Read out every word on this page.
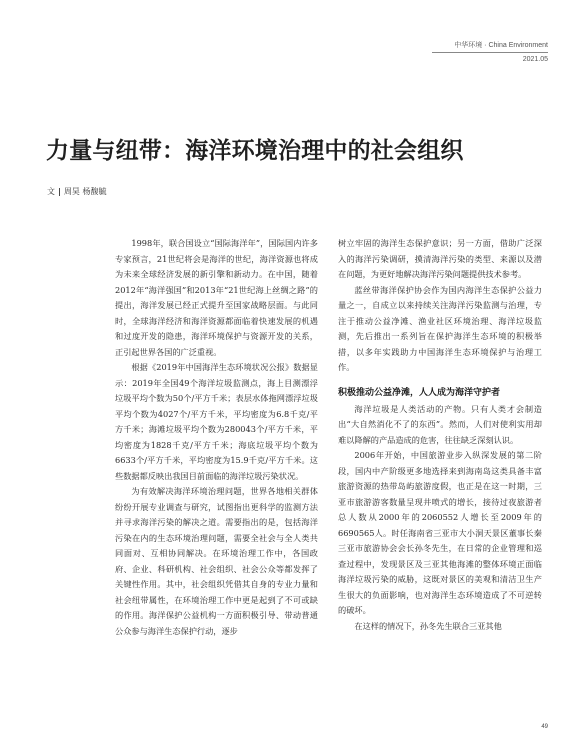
中华环境 · China Environment
2021.05
力量与纽带：海洋环境治理中的社会组织
文 | 周昊 杨馥毓

1998年，联合国设立“国际海洋年”，国际国内许多专家预言，21世纪将会是海洋的世纪，海洋资源也将成为未来全球经济发展的新引擎和新动力。在中国，随着2012年“海洋强国”和2013年“21世纪海上丝绸之路”的提出，海洋发展已经正式提升至国家战略层面。与此同时，全球海洋经济和海洋资源都面临着快速发展的机遇和过度开发的隐患，海洋环境保护与资源开发的关系，正引起世界各国的广泛重视。

根据《2019年中国海洋生态环境状况公报》数据显示：2019年全国49个海洋垃圾监测点，海上目测漂浮垃圾平均个数为50个/平方千米；表层水体拖网漂浮垃圾平均个数为4027个/平方千米，平均密度为6.8千克/平方千米；海滩垃圾平均个数为280043个/平方千米，平均密度为1828千克/平方千米；海底垃圾平均个数为6633个/平方千米，平均密度为15.9千克/平方千米。这些数据都反映出我国目前面临的海洋垃圾污染状况。

为有效解决海洋环境治理问题，世界各地相关群体纷纷开展专业调查与研究，试图指出更科学的监测方法并寻求海洋污染的解决之道。需要指出的是，包括海洋污染在内的生态环境治理问题，需要全社会与全人类共同面对、互相协同解决。在环境治理工作中，各国政府、企业、科研机构、社会组织、社会公众等都发挥了关键性作用。其中，社会组织凭借其自身的专业力量和社会纽带属性，在环境治理工作中更是起到了不可或缺的作用。海洋保护公益机构一方面积极引导、带动普通公众参与海洋生态保护行动，逐步

树立牢固的海洋生态保护意识；另一方面，借助广泛深入的海洋污染调研，摸清海洋污染的类型、来源以及潜在问题，为更好地解决海洋污染问题提供技术参考。

蓝丝带海洋保护协会作为国内海洋生态保护公益力量之一，自成立以来持续关注海洋污染监测与治理，专注于推动公益净滩、渔业社区环境治理、海洋垃圾监测，先后推出一系列旨在保护海洋生态环境的积极举措，以多年实践助力中国海洋生态环境保护与治理工作。

积极推动公益净滩，人人成为海洋守护者

海洋垃圾是人类活动的产物。只有人类才会制造出“大自然消化不了的东西”。然而，人们对使利实用却难以降解的产品造成的危害，往往缺乏深刻认识。

2006年开始，中国旅游业步入纵深发展的第二阶段，国内中产阶级更多地选择来到海南岛这类具备丰富旅游资源的热带岛屿旅游度假，也正是在这一时期，三亚市旅游游客数量呈现井喷式的增长，接待过夜旅游者总人数从2000年的2060552人增长至2009年的6690565人。时任海南省三亚市大小洞天景区董事长秦三亚市旅游协会会长孙冬先生，在日常的企业管理和巡查过程中，发现景区及三亚其他海滩的整体环境正面临海洋垃圾污染的威胁，这既对景区的美观和清洁卫生产生很大的负面影响，也对海洋生态环境造成了不可逆转的破坏。

在这样的情况下，孙冬先生联合三亚其他

49
